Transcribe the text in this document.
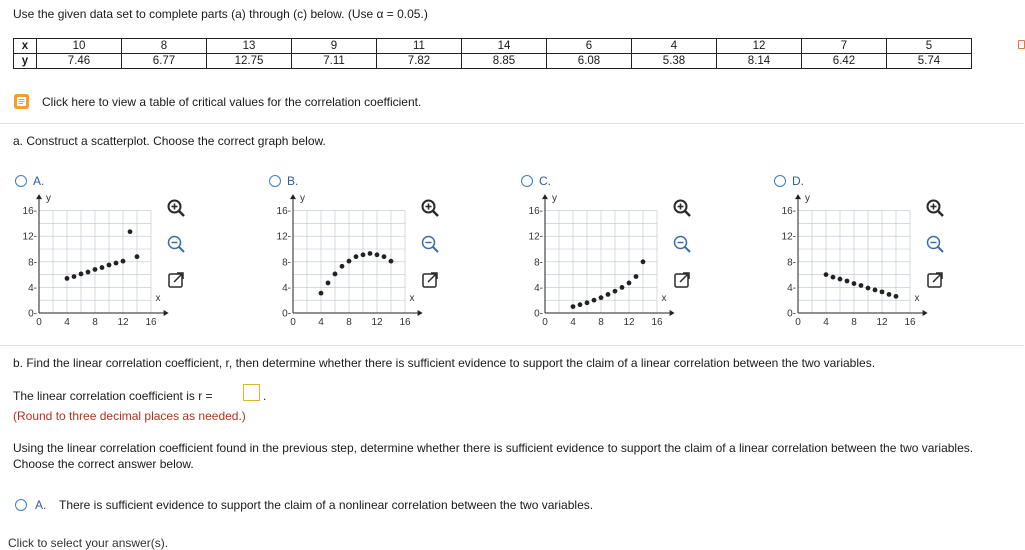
Use the given data set to complete parts (a) through (c) below. (Use α = 0.05.)
x	10	8	13	9	11	14	6	4	12	7	5
y	7.46	6.77	12.75	7.11	7.82	8.85	6.08	5.38	8.14	6.42	5.74
Click here to view a table of critical values for the correlation coefficient.
a. Construct a scatterplot. Choose the correct graph below.
A.
0
0-
4
4-
8
8-
12
12-
16
16-
x
y
B.
0
0-
4
4-
8
8-
12
12-
16
16-
x
y
C.
0
0-
4
4-
8
8-
12
12-
16
16-
x
y
D.
0
0-
4
4-
8
8-
12
12-
16
16-
x
y
b. Find the linear correlation coefficient, r, then determine whether there is sufficient evidence to support the claim of a linear correlation between the two variables.
The linear correlation coefficient is r =	.
(Round to three decimal places as needed.)
Using the linear correlation coefficient found in the previous step, determine whether there is sufficient evidence to support the claim of a linear correlation between the two variables. Choose the correct answer below.
A. There is sufficient evidence to support the claim of a nonlinear correlation between the two variables.
Click to select your answer(s).
